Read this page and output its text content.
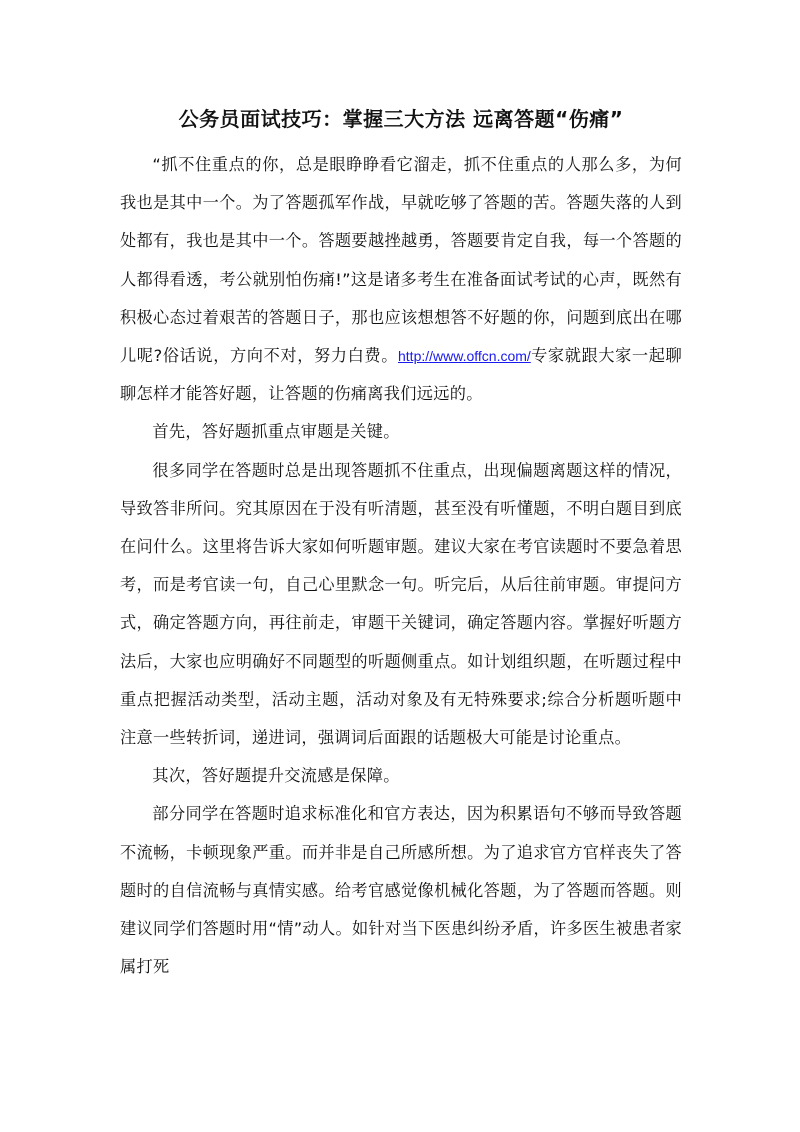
公务员面试技巧：掌握三大方法 远离答题“伤痛”

“抓不住重点的你，总是眼睁睁看它溜走，抓不住重点的人那么多，为何我也是其中一个。为了答题孤军作战，早就吃够了答题的苦。答题失落的人到处都有，我也是其中一个。答题要越挫越勇，答题要肯定自我，每一个答题的人都得看透，考公就别怕伤痛!”这是诸多考生在准备面试考试的心声，既然有积极心态过着艰苦的答题日子，那也应该想想答不好题的你，问题到底出在哪儿呢?俗话说，方向不对，努力白费。http://www.offcn.com/专家就跟大家一起聊聊怎样才能答好题，让答题的伤痛离我们远远的。

首先，答好题抓重点审题是关键。

很多同学在答题时总是出现答题抓不住重点，出现偏题离题这样的情况，导致答非所问。究其原因在于没有听清题，甚至没有听懂题，不明白题目到底在问什么。这里将告诉大家如何听题审题。建议大家在考官读题时不要急着思考，而是考官读一句，自己心里默念一句。听完后，从后往前审题。审提问方式，确定答题方向，再往前走，审题干关键词，确定答题内容。掌握好听题方法后，大家也应明确好不同题型的听题侧重点。如计划组织题，在听题过程中重点把握活动类型，活动主题，活动对象及有无特殊要求;综合分析题听题中注意一些转折词，递进词，强调词后面跟的话题极大可能是讨论重点。

其次，答好题提升交流感是保障。

部分同学在答题时追求标准化和官方表达，因为积累语句不够而导致答题不流畅，卡顿现象严重。而并非是自己所感所想。为了追求官方官样丧失了答题时的自信流畅与真情实感。给考官感觉像机械化答题，为了答题而答题。则建议同学们答题时用“情”动人。如针对当下医患纠纷矛盾，许多医生被患者家属打死
